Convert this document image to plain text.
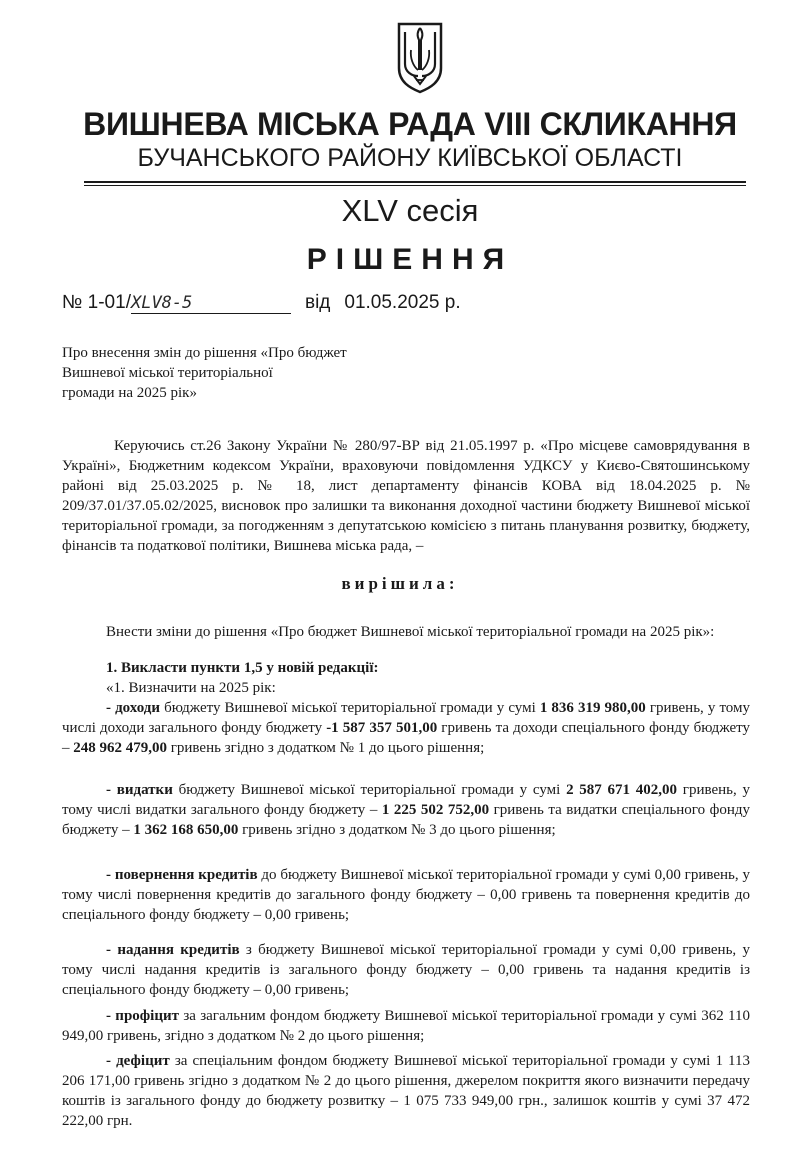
ВИШНЕВА МІСЬКА РАДА VIII СКЛИКАННЯ
БУЧАНСЬКОГО РАЙОНУ КИЇВСЬКОЇ ОБЛАСТІ
XLV сесія
РІШЕННЯ
№ 1-01/XLV8-5	від 01.05.2025 р.
Про внесення змін до рішення «Про бюджет
Вишневої міської територіальної
громади на 2025 рік»
Керуючись ст.26 Закону України № 280/97-ВР від 21.05.1997 р. «Про місцеве самоврядування в Україні», Бюджетним кодексом України, враховуючи повідомлення УДКСУ у Києво-Святошинському районі від 25.03.2025 р. № 18, лист департаменту фінансів КОВА від 18.04.2025 р. № 209/37.01/37.05.02/2025, висновок про залишки та виконання доходної частини бюджету Вишневої міської територіальної громади, за погодженням з депутатською комісією з питань планування розвитку, бюджету, фінансів та податкової політики, Вишнева міська рада, –
вирішила:
Внести зміни до рішення «Про бюджет Вишневої міської територіальної громади на 2025 рік»:
1. Викласти пункти 1,5 у новій редакції:
«1. Визначити на 2025 рік:
- доходи бюджету Вишневої міської територіальної громади у сумі 1 836 319 980,00 гривень, у тому числі доходи загального фонду бюджету -1 587 357 501,00 гривень та доходи спеціального фонду бюджету – 248 962 479,00 гривень згідно з додатком № 1 до цього рішення;
- видатки бюджету Вишневої міської територіальної громади у сумі 2 587 671 402,00 гривень, у тому числі видатки загального фонду бюджету – 1 225 502 752,00 гривень та видатки спеціального фонду бюджету – 1 362 168 650,00 гривень згідно з додатком № 3 до цього рішення;
- повернення кредитів до бюджету Вишневої міської територіальної громади у сумі 0,00 гривень, у тому числі повернення кредитів до загального фонду бюджету – 0,00 гривень та повернення кредитів до спеціального фонду бюджету – 0,00 гривень;
- надання кредитів з бюджету Вишневої міської територіальної громади у сумі 0,00 гривень, у тому числі надання кредитів із загального фонду бюджету – 0,00 гривень та надання кредитів із спеціального фонду бюджету – 0,00 гривень;
- профіцит за загальним фондом бюджету Вишневої міської територіальної громади у сумі 362 110 949,00 гривень, згідно з додатком № 2 до цього рішення;
- дефіцит за спеціальним фондом бюджету Вишневої міської територіальної громади у сумі 1 113 206 171,00 гривень згідно з додатком № 2 до цього рішення, джерелом покриття якого визначити передачу коштів із загального фонду до бюджету розвитку – 1 075 733 949,00 грн., залишок коштів у сумі 37 472 222,00 грн.
